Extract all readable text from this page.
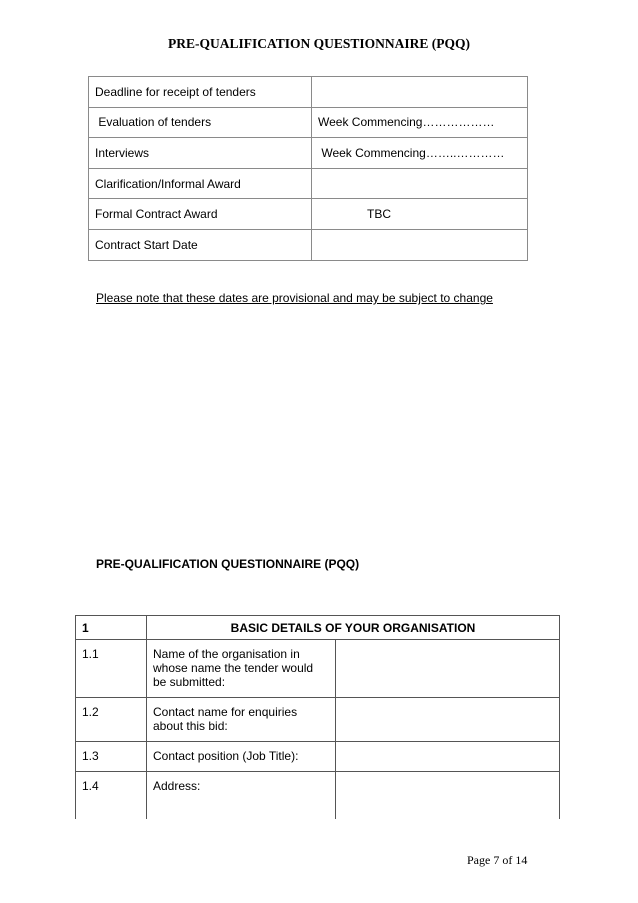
PRE-QUALIFICATION QUESTIONNAIRE (PQQ)
Deadline for receipt of tenders	
Evaluation of tenders	Week Commencing………………
Interviews	Week Commencing……..…………
Clarification/Informal Award	
Formal Contract Award	TBC
Contract Start Date	
Please note that these dates are provisional and may be subject to change
PRE-QUALIFICATION QUESTIONNAIRE (PQQ)
1	BASIC DETAILS OF YOUR ORGANISATION	
1.1	Name of the organisation in whose name the tender would be submitted:	
1.2	Contact name for enquiries about this bid:	
1.3	Contact position (Job Title):	
1.4	Address:	
Page 7 of 14
